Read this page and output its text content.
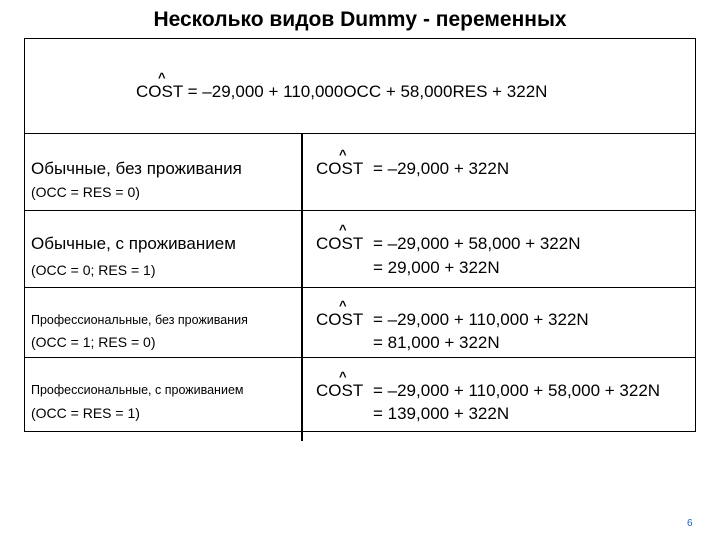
Несколько видов Dummy - переменных
^
COST = –29,000 + 110,000OCC + 58,000RES + 322N
Обычные, без проживания
(OCC = RES = 0)
^
COST = –29,000 + 322N
Обычные, с проживанием
(OCC = 0; RES = 1)
^
COST = –29,000 + 58,000 + 322N
= 29,000 + 322N
Профессиональные, без проживания
(OCC = 1; RES = 0)
^
COST = –29,000 + 110,000 + 322N
= 81,000 + 322N
Профессиональные, с проживанием
(OCC = RES = 1)
^
COST = –29,000 + 110,000 + 58,000 + 322N
= 139,000 + 322N
6
